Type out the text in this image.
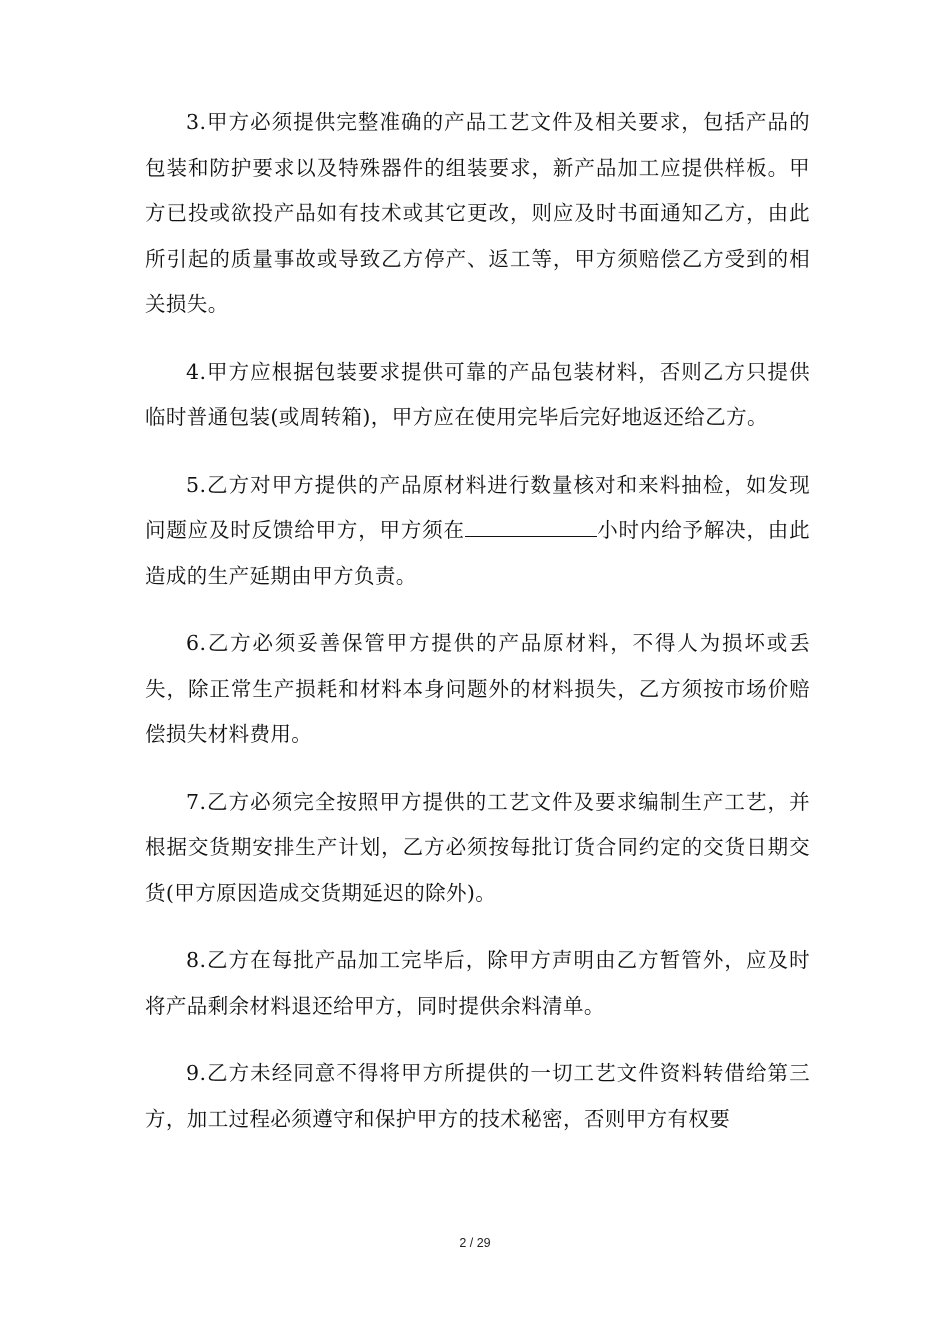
3.甲方必须提供完整准确的产品工艺文件及相关要求，包括产品的包装和防护要求以及特殊器件的组装要求，新产品加工应提供样板。甲方已投或欲投产品如有技术或其它更改，则应及时书面通知乙方，由此所引起的质量事故或导致乙方停产、返工等，甲方须赔偿乙方受到的相关损失。

4.甲方应根据包装要求提供可靠的产品包装材料，否则乙方只提供临时普通包装(或周转箱)，甲方应在使用完毕后完好地返还给乙方。

5.乙方对甲方提供的产品原材料进行数量核对和来料抽检，如发现问题应及时反馈给甲方，甲方须在	小时内给予解决，由此造成的生产延期由甲方负责。

6.乙方必须妥善保管甲方提供的产品原材料，不得人为损坏或丢失，除正常生产损耗和材料本身问题外的材料损失，乙方须按市场价赔偿损失材料费用。

7.乙方必须完全按照甲方提供的工艺文件及要求编制生产工艺，并根据交货期安排生产计划，乙方必须按每批订货合同约定的交货日期交货(甲方原因造成交货期延迟的除外)。

8.乙方在每批产品加工完毕后，除甲方声明由乙方暂管外，应及时将产品剩余材料退还给甲方，同时提供余料清单。

9.乙方未经同意不得将甲方所提供的一切工艺文件资料转借给第三方，加工过程必须遵守和保护甲方的技术秘密，否则甲方有权要

2 / 29
